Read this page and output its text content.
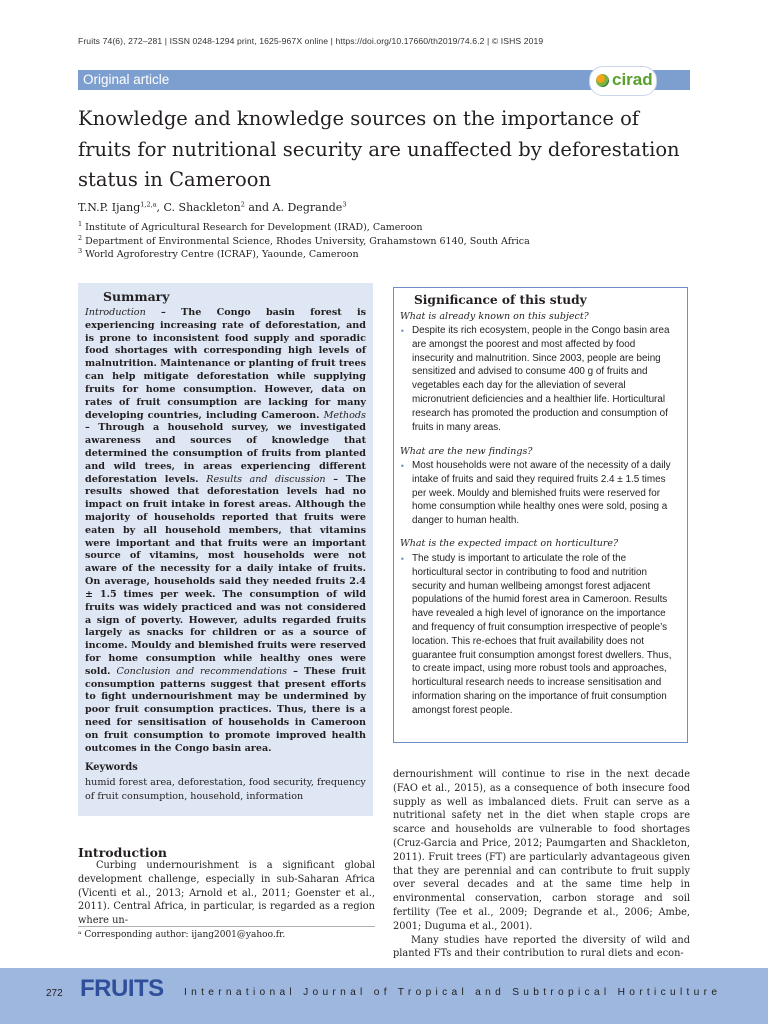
Fruits 74(6), 272–281 | ISSN 0248-1294 print, 1625-967X online | https://doi.org/10.17660/th2019/74.6.2 | © ISHS 2019
Original article	cirad
Knowledge and knowledge sources on the importance of fruits for nutritional security are unaffected by deforestation status in Cameroon
T.N.P. Ijang$^{1,2,a}$, C. Shackleton$^2$ and A. Degrande$^3$
$^1$ Institute of Agricultural Research for Development (IRAD), Cameroon
$^2$ Department of Environmental Science, Rhodes University, Grahamstown 6140, South Africa
$^3$ World Agroforestry Centre (ICRAF), Yaounde, Cameroon
Summary
Introduction – The Congo basin forest is experiencing increasing rate of deforestation, and is prone to inconsistent food supply and sporadic food shortages with corresponding high levels of malnutrition. Maintenance or planting of fruit trees can help mitigate deforestation while supplying fruits for home consumption. However, data on rates of fruit consumption are lacking for many developing countries, including Cameroon. Methods – Through a household survey, we investigated awareness and sources of knowledge that determined the consumption of fruits from planted and wild trees, in areas experiencing different deforestation levels. Results and discussion – The results showed that deforestation levels had no impact on fruit intake in forest areas. Although the majority of households reported that fruits were eaten by all household members, that vitamins were important and that fruits were an important source of vitamins, most households were not aware of the necessity for a daily intake of fruits. On average, households said they needed fruits 2.4 ± 1.5 times per week. The consumption of wild fruits was widely practiced and was not considered a sign of poverty. However, adults regarded fruits largely as snacks for children or as a source of income. Mouldy and blemished fruits were reserved for home consumption while healthy ones were sold. Conclusion and recommendations – These fruit consumption patterns suggest that present efforts to fight undernourishment may be undermined by poor fruit consumption practices. Thus, there is a need for sensitisation of households in Cameroon on fruit consumption to promote improved health outcomes in the Congo basin area.
Keywords
humid forest area, deforestation, food security, frequency of fruit consumption, household, information
Significance of this study
What is already known on this subject?
• Despite its rich ecosystem, people in the Congo basin area are amongst the poorest and most affected by food insecurity and malnutrition. Since 2003, people are being sensitized and advised to consume 400 g of fruits and vegetables each day for the alleviation of several micronutrient deficiencies and a healthier life. Horticultural research has promoted the production and consumption of fruits in many areas.
What are the new findings?
• Most households were not aware of the necessity of a daily intake of fruits and said they required fruits 2.4 ± 1.5 times per week. Mouldy and blemished fruits were reserved for home consumption while healthy ones were sold, posing a danger to human health.
What is the expected impact on horticulture?
• The study is important to articulate the role of the horticultural sector in contributing to food and nutrition security and human wellbeing amongst forest adjacent populations of the humid forest area in Cameroon. Results have revealed a high level of ignorance on the importance and frequency of fruit consumption irrespective of people’s location. This re-echoes that fruit availability does not guarantee fruit consumption amongst forest dwellers. Thus, to create impact, using more robust tools and approaches, horticultural research needs to increase sensitisation and information sharing on the importance of fruit consumption amongst forest people.
Introduction
Curbing undernourishment is a significant global development challenge, especially in sub-Saharan Africa (Vicenti et al., 2013; Arnold et al., 2011; Goenster et al., 2011). Central Africa, in particular, is regarded as a region where un-
ᵃ Corresponding author: ijang2001@yahoo.fr.

dernourishment will continue to rise in the next decade (FAO et al., 2015), as a consequence of both insecure food supply as well as imbalanced diets. Fruit can serve as a nutritional safety net in the diet when staple crops are scarce and households are vulnerable to food shortages (Cruz-Garcia and Price, 2012; Paumgarten and Shackleton, 2011). Fruit trees (FT) are particularly advantageous given that they are perennial and can contribute to fruit supply over several decades and at the same time help in environmental conservation, carbon storage and soil fertility (Tee et al., 2009; Degrande et al., 2006; Ambe, 2001; Duguma et al., 2001).

Many studies have reported the diversity of wild and planted FTs and their contribution to rural diets and econ-

272 FRUITS International Journal of Tropical and Subtropical Horticulture
